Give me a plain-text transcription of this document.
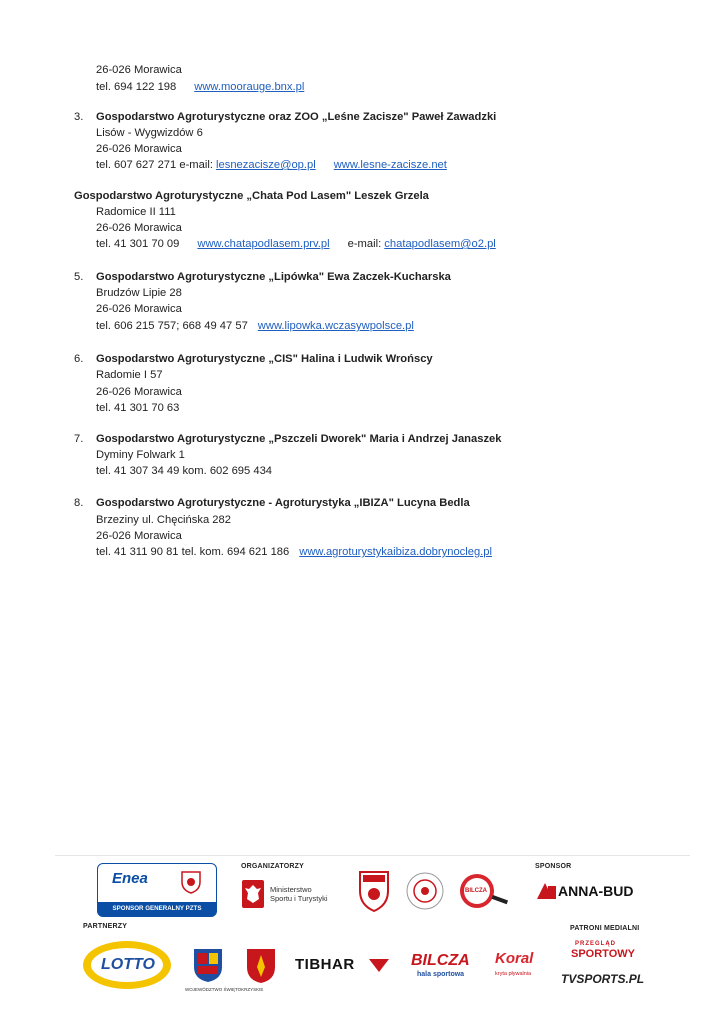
26-026 Morawica
tel. 694 122 198 www.moorauge.bnx.pl
3. Gospodarstwo Agroturystyczne oraz ZOO „Leśne Zacisze" Paweł Zawadzki
Lisów - Wygwizdów 6
26-026 Morawica
tel. 607 627 271 e-mail: lesnezacisze@op.pl www.lesne-zacisze.net
Gospodarstwo Agroturystyczne „Chata Pod Lasem" Leszek Grzela
Radomice II 111
26-026 Morawica
tel. 41 301 70 09 www.chatapodlasem.prv.pl e-mail: chatapodlasem@o2.pl
5. Gospodarstwo Agroturystyczne „Lipówka" Ewa Zaczek-Kucharska
Brudzów Lipie 28
26-026 Morawica
tel. 606 215 757; 668 49 47 57 www.lipowka.wczasywpolsce.pl
6. Gospodarstwo Agroturystyczne „CIS" Halina i Ludwik Wrońscy
Radomie I 57
26-026 Morawica
tel. 41 301 70 63
7. Gospodarstwo Agroturystyczne „Pszczeli Dworek" Maria i Andrzej Janaszek
Dyminy Folwark 1
tel. 41 307 34 49 kom. 602 695 434
8. Gospodarstwo Agroturystyczne - Agroturystyka „IBIZA" Lucyna Bedla
Brzeziny ul. Chęcińska 282
26-026 Morawica
tel. 41 311 90 81 tel. kom. 694 621 186 www.agroturystykaibiza.dobrynocleg.pl
Enea
SPONSOR GENERALNY PZTS
ORGANIZATORZY
Ministerstwo
Sportu i Turystyki
BILCZA
SPONSOR
ANNA-BUD
PARTNERZY	PATRONI MEDIALNI
LOTTO
WOJEWÓDZTWO ŚWIĘTOKRZYSKIE
TIBHAR	BILCZA
hala sportowa
Koral
kryta pływalnia
PRZEGLĄD
SPORTOWY
TVSPORTS.PL
